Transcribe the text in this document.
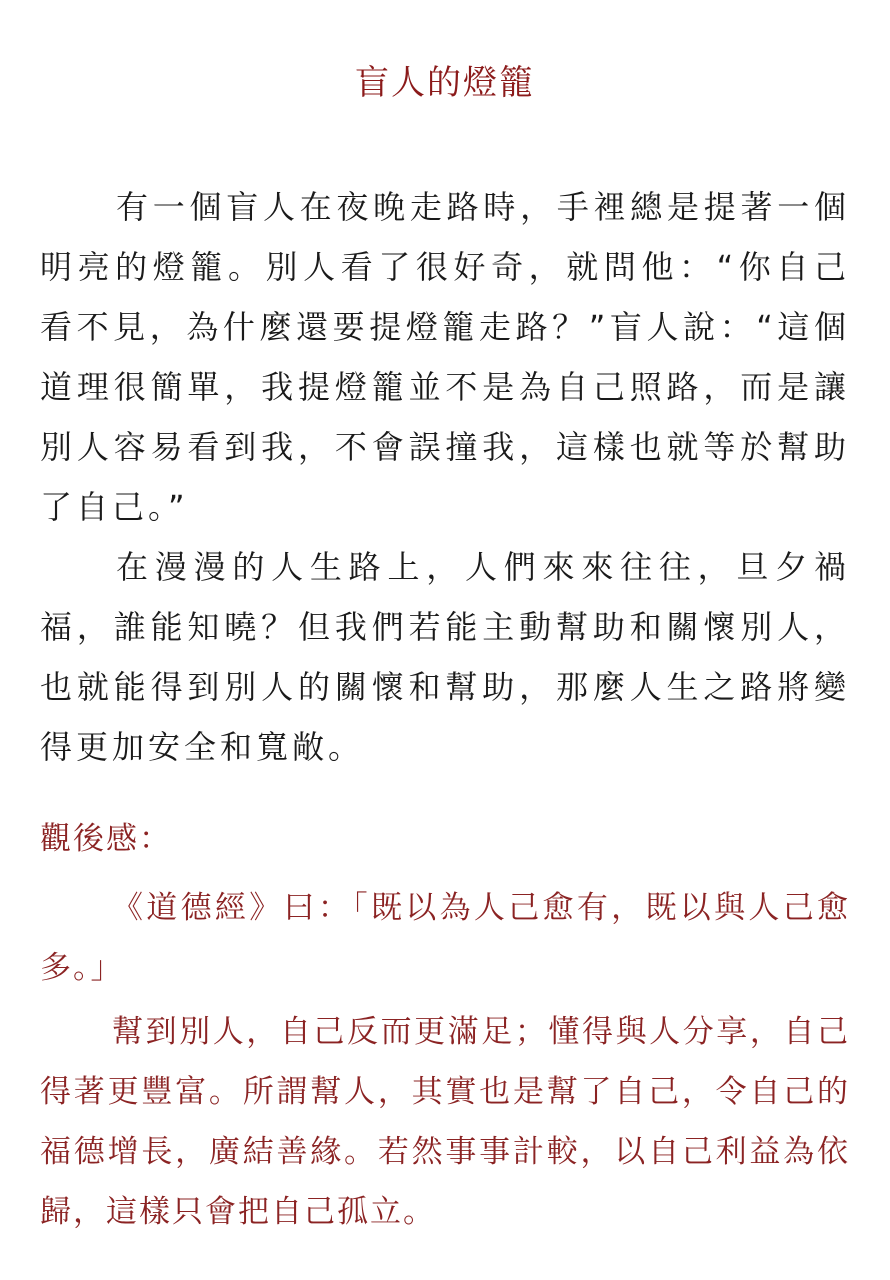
盲人的燈籠

有一個盲人在夜晚走路時，手裡總是提著一個明亮的燈籠。別人看了很好奇，就問他：“你自己看不見，為什麼還要提燈籠走路？”盲人說：“這個道理很簡單，我提燈籠並不是為自己照路，而是讓別人容易看到我，不會誤撞我，這樣也就等於幫助了自己。”

在漫漫的人生路上，人們來來往往，旦夕禍福，誰能知曉？但我們若能主動幫助和關懷別人，也就能得到別人的關懷和幫助，那麼人生之路將變得更加安全和寬敞。

觀後感：

《道德經》曰：「既以為人己愈有，既以與人己愈多。」

幫到別人，自己反而更滿足；懂得與人分享，自己得著更豐富。所謂幫人，其實也是幫了自己，令自己的福德增長，廣結善緣。若然事事計較，以自己利益為依歸，這樣只會把自己孤立。
